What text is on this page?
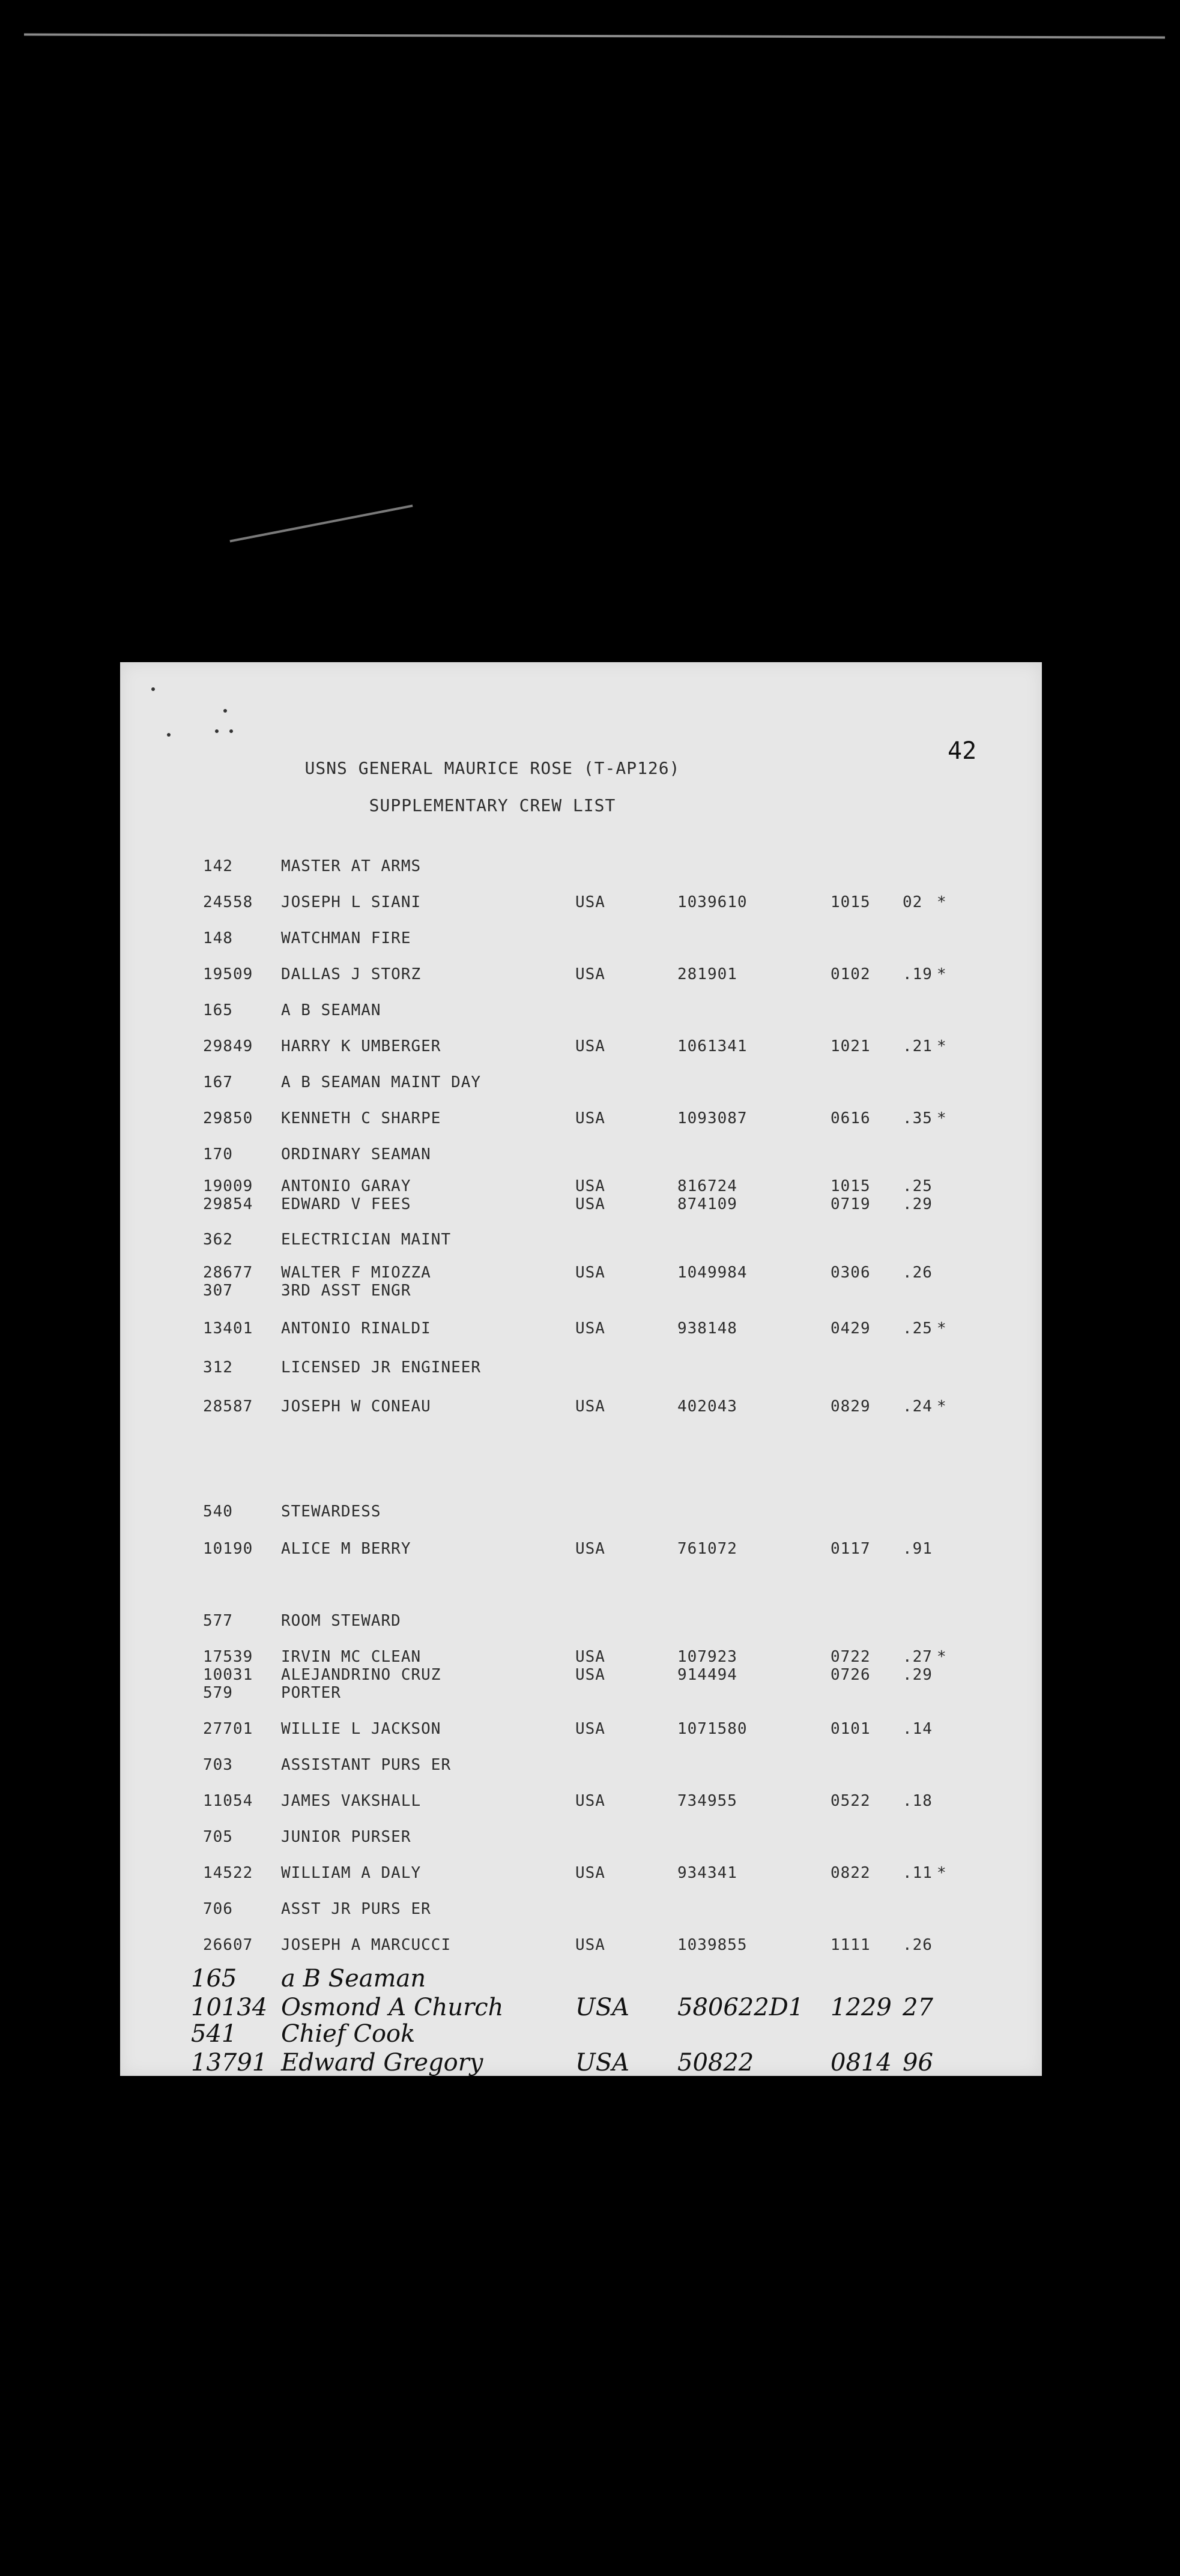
42
USNS GENERAL MAURICE ROSE (T-AP126)
SUPPLEMENTARY CREW LIST
142	MASTER AT ARMS
24558 JOSEPH L SIANI	USA	1039610	1015 02 *
148	WATCHMAN FIRE
19509 DALLAS J STORZ	USA	281901	0102 .19 *
165	A B SEAMAN
29849 HARRY K UMBERGER	USA	1061341	1021 .21 *
167	A B SEAMAN MAINT DAY
29850 KENNETH C SHARPE	USA	1093087	0616 .35 *
170	ORDINARY SEAMAN
19009 ANTONIO GARAY	USA	816724	1015 .25
29854 EDWARD V FEES	USA	874109	0719 .29
362	ELECTRICIAN MAINT
28677 WALTER F MIOZZA	USA	1049984	0306 .26
307	3RD ASST ENGR
13401 ANTONIO RINALDI	USA	938148	0429 .25 *
312	LICENSED JR ENGINEER
28587 JOSEPH W CONEAU	USA	402043	0829 .24 *
540	STEWARDESS
10190 ALICE M BERRY	USA	761072	0117 .91
577	ROOM STEWARD
17539 IRVIN MC CLEAN	USA	107923	0722 .27 *
10031 ALEJANDRINO CRUZ	USA	914494	0726 .29
579	PORTER
27701 WILLIE L JACKSON	USA	1071580	0101 .14
703	ASSISTANT PURS ER
11054 JAMES VAKSHALL	USA	734955	0522 .18
705	JUNIOR PURSER
14522 WILLIAM A DALY	USA	934341	0822 .11 *
706	ASST JR PURS ER
26607 JOSEPH A MARCUCCI	USA	1039855	1111 .26
165 a B Seaman
10134 Osmond A Church	USA 580622D1 1229 27
541 Chief Cook
13791 Edward Gregory	USA 50822	0814 96
